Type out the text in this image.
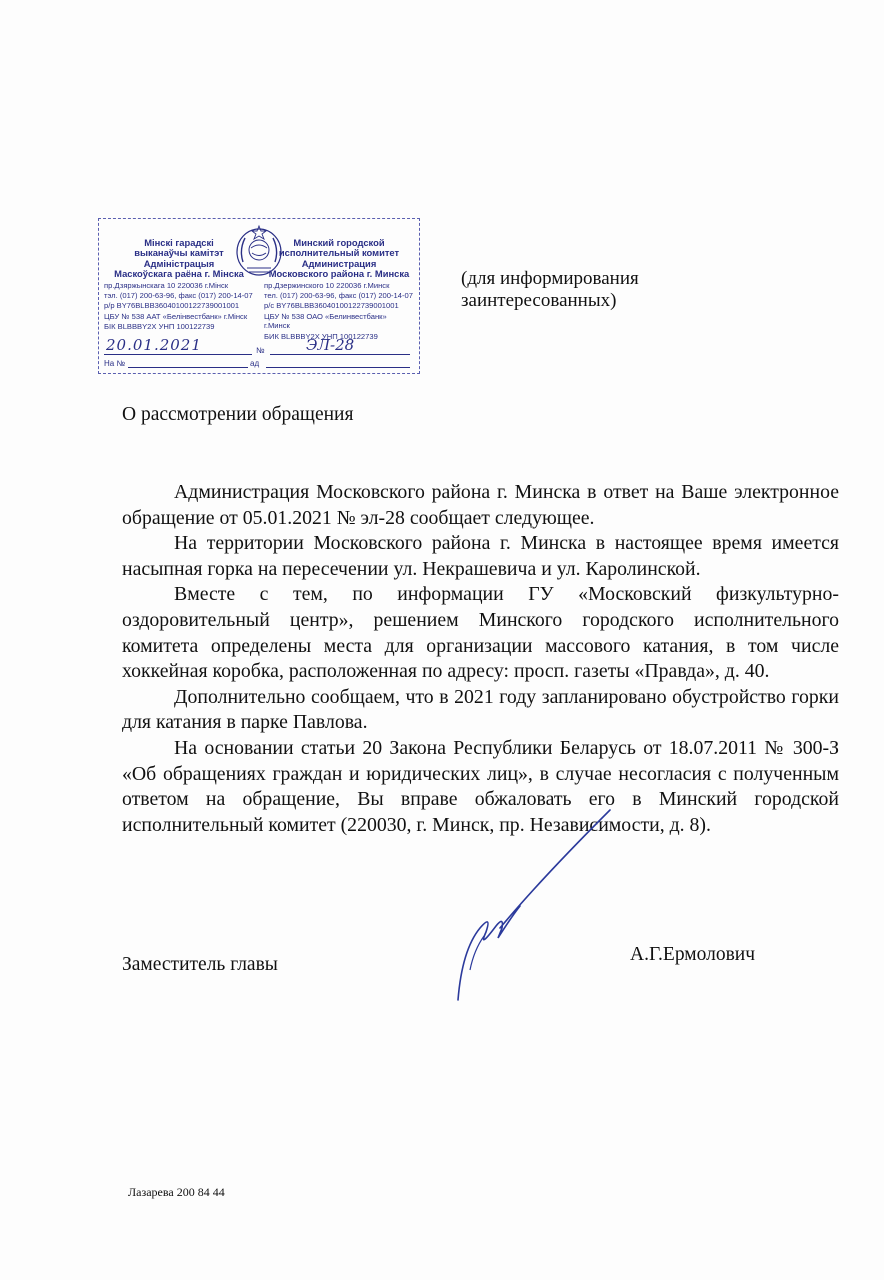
Мінскі гарадскі
выканаўчы камітэт
Адміністрацыя
Маскоўскага раёна г. Мінска
пр.Дзяржынскага 10 220036 г.Мінск
тэл. (017) 200-63-96, факс (017) 200-14-07
р/р BY76BLBB36040100122739001001
ЦБУ № 538 ААТ «Белінвестбанк» г.Мінск
БІК BLBBBY2X УНП 100122739
Минский городской
исполнительный комитет
Администрация
Московского района г. Минска
пр.Дзержинского 10 220036 г.Минск
тел. (017) 200-63-96, факс (017) 200-14-07
р/с BY76BLBB36040100122739001001
ЦБУ № 538 ОАО «Белинвестбанк» г.Минск
БИК BLBBBY2X УНП 100122739
20.01.2021	ЭЛ-28
№
На №	ад
(для информирования
заинтересованных)
О рассмотрении обращения

Администрация Московского района г. Минска в ответ на Ваше электронное обращение от 05.01.2021 № эл-28 сообщает следующее.

На территории Московского района г. Минска в настоящее время имеется насыпная горка на пересечении ул. Некрашевича и ул. Каролинской.

Вместе с тем, по информации ГУ «Московский физкультурно-оздоровительный центр», решением Минского городского исполнительного комитета определены места для организации массового катания, в том числе хоккейная коробка, расположенная по адресу: просп. газеты «Правда», д. 40.

Дополнительно сообщаем, что в 2021 году запланировано обустройство горки для катания в парке Павлова.

На основании статьи 20 Закона Республики Беларусь от 18.07.2011 № 300-З «Об обращениях граждан и юридических лиц», в случае несогласия с полученным ответом на обращение, Вы вправе обжаловать его в Минский городской исполнительный комитет (220030, г. Минск, пр. Независимости, д. 8).

Заместитель главы	А.Г.Ермолович
Лазарева 200 84 44
